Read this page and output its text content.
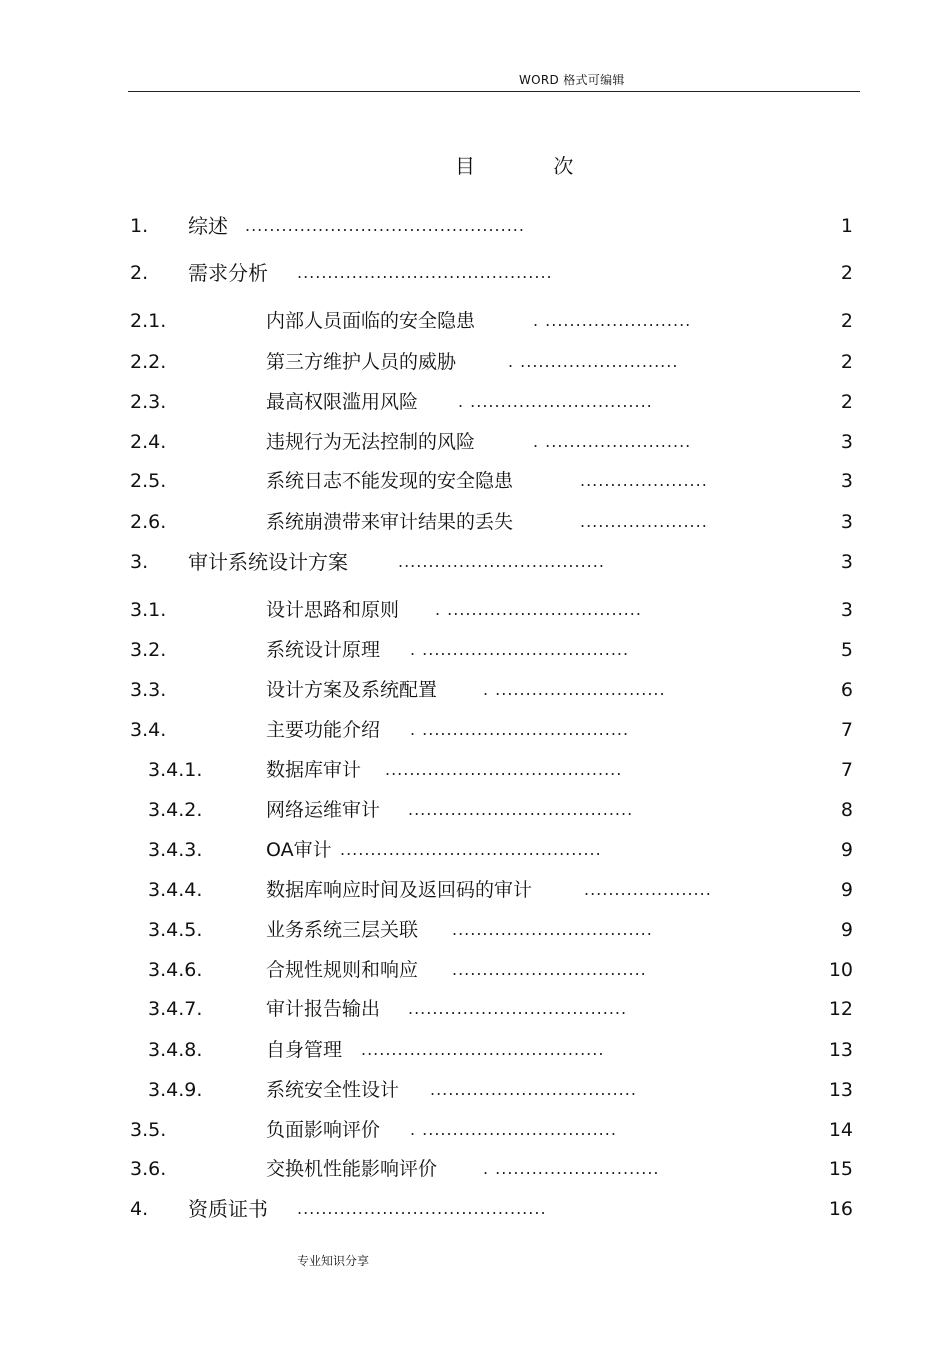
WORD 格式可编辑
目 次
1. 综述 ..............................................	1
2. 需求分析 ..........................................	2
2.1.	内部人员面临的安全隐患	. ........................	2
2.2.	第三方维护人员的威胁	. ..........................	2
2.3.	最高权限滥用风险 . ..............................	2
2.4.	违规行为无法控制的风险	. ........................	3
2.5.	系统日志不能发现的安全隐患	.....................	3
2.6.	系统崩溃带来审计结果的丢失	.....................	3
3. 审计系统设计方案	..................................	3
3.1.	设计思路和原则 . ................................	3
3.2.	系统设计原理 . ..................................	5
3.3.	设计方案及系统配置	. ............................	6
3.4.	主要功能介绍 . ..................................	7
3.4.1.	数据库审计 .......................................	7
3.4.2.	网络运维审计 .....................................	8
3.4.3.	OA审计 ...........................................	9
3.4.4.	数据库响应时间及返回码的审计	.....................	9
3.4.5.	业务系统三层关联 .................................	9
3.4.6.	合规性规则和响应 ................................	10
3.4.7.	审计报告输出 ....................................	12
3.4.8.	自身管理 ........................................	13
3.4.9.	系统安全性设计 ..................................	13
3.5.	负面影响评价 . ................................	14
3.6.	交换机性能影响评价	. ...........................	15
4. 资质证书 .........................................	16
专业知识分享
